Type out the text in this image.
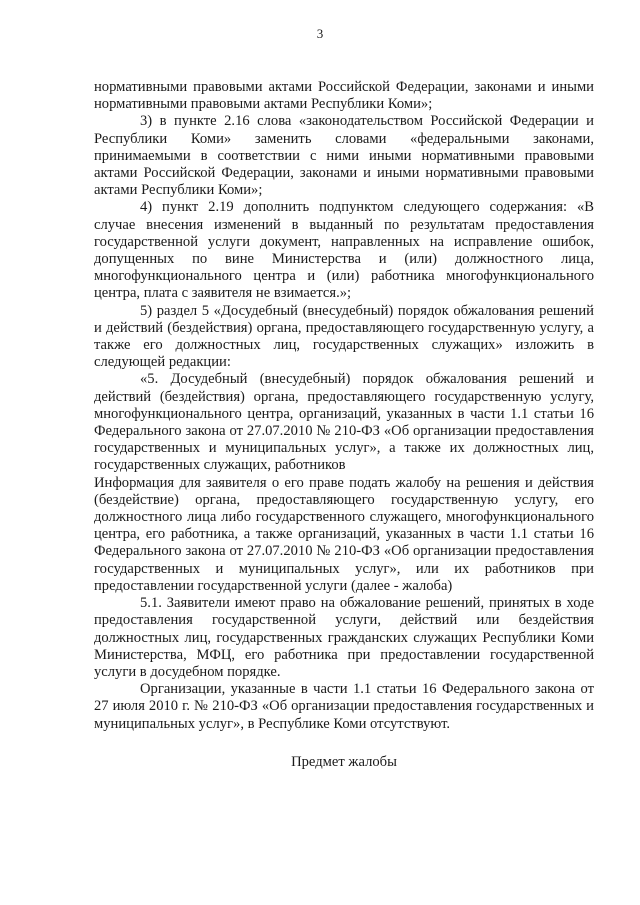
3

нормативными правовыми актами Российской Федерации, законами и иными нормативными правовыми актами Республики Коми»;

3) в пункте 2.16 слова «законодательством Российской Федерации и Республики Коми» заменить словами «федеральными законами, принимаемыми в соответствии с ними иными нормативными правовыми актами Российской Федерации, законами и иными нормативными правовыми актами Республики Коми»;

4) пункт 2.19 дополнить подпунктом следующего содержания: «В случае внесения изменений в выданный по результатам предоставления государственной услуги документ, направленных на исправление ошибок, допущенных по вине Министерства и (или) должностного лица, многофункционального центра и (или) работника многофункционального центра, плата с заявителя не взимается.»;

5) раздел 5 «Досудебный (внесудебный) порядок обжалования решений и действий (бездействия) органа, предоставляющего государственную услугу, а также его должностных лиц, государственных служащих» изложить в следующей редакции:

«5. Досудебный (внесудебный) порядок обжалования решений и действий (бездействия) органа, предоставляющего государственную услугу, многофункционального центра, организаций, указанных в части 1.1 статьи 16 Федерального закона от 27.07.2010 № 210-ФЗ «Об организации предоставления государственных и муниципальных услуг», а также их должностных лиц, государственных служащих, работников

Информация для заявителя о его праве подать жалобу на решения и действия (бездействие) органа, предоставляющего государственную услугу, его должностного лица либо государственного служащего, многофункционального центра, его работника, а также организаций, указанных в части 1.1 статьи 16 Федерального закона от 27.07.2010 № 210-ФЗ «Об организации предоставления государственных и муниципальных услуг», или их работников при предоставлении государственной услуги (далее - жалоба)

5.1. Заявители имеют право на обжалование решений, принятых в ходе предоставления государственной услуги, действий или бездействия должностных лиц, государственных гражданских служащих Республики Коми Министерства, МФЦ, его работника при предоставлении государственной услуги в досудебном порядке.

Организации, указанные в части 1.1 статьи 16 Федерального закона от 27 июля 2010 г. № 210-ФЗ «Об организации предоставления государственных и муниципальных услуг», в Республике Коми отсутствуют.

Предмет жалобы
